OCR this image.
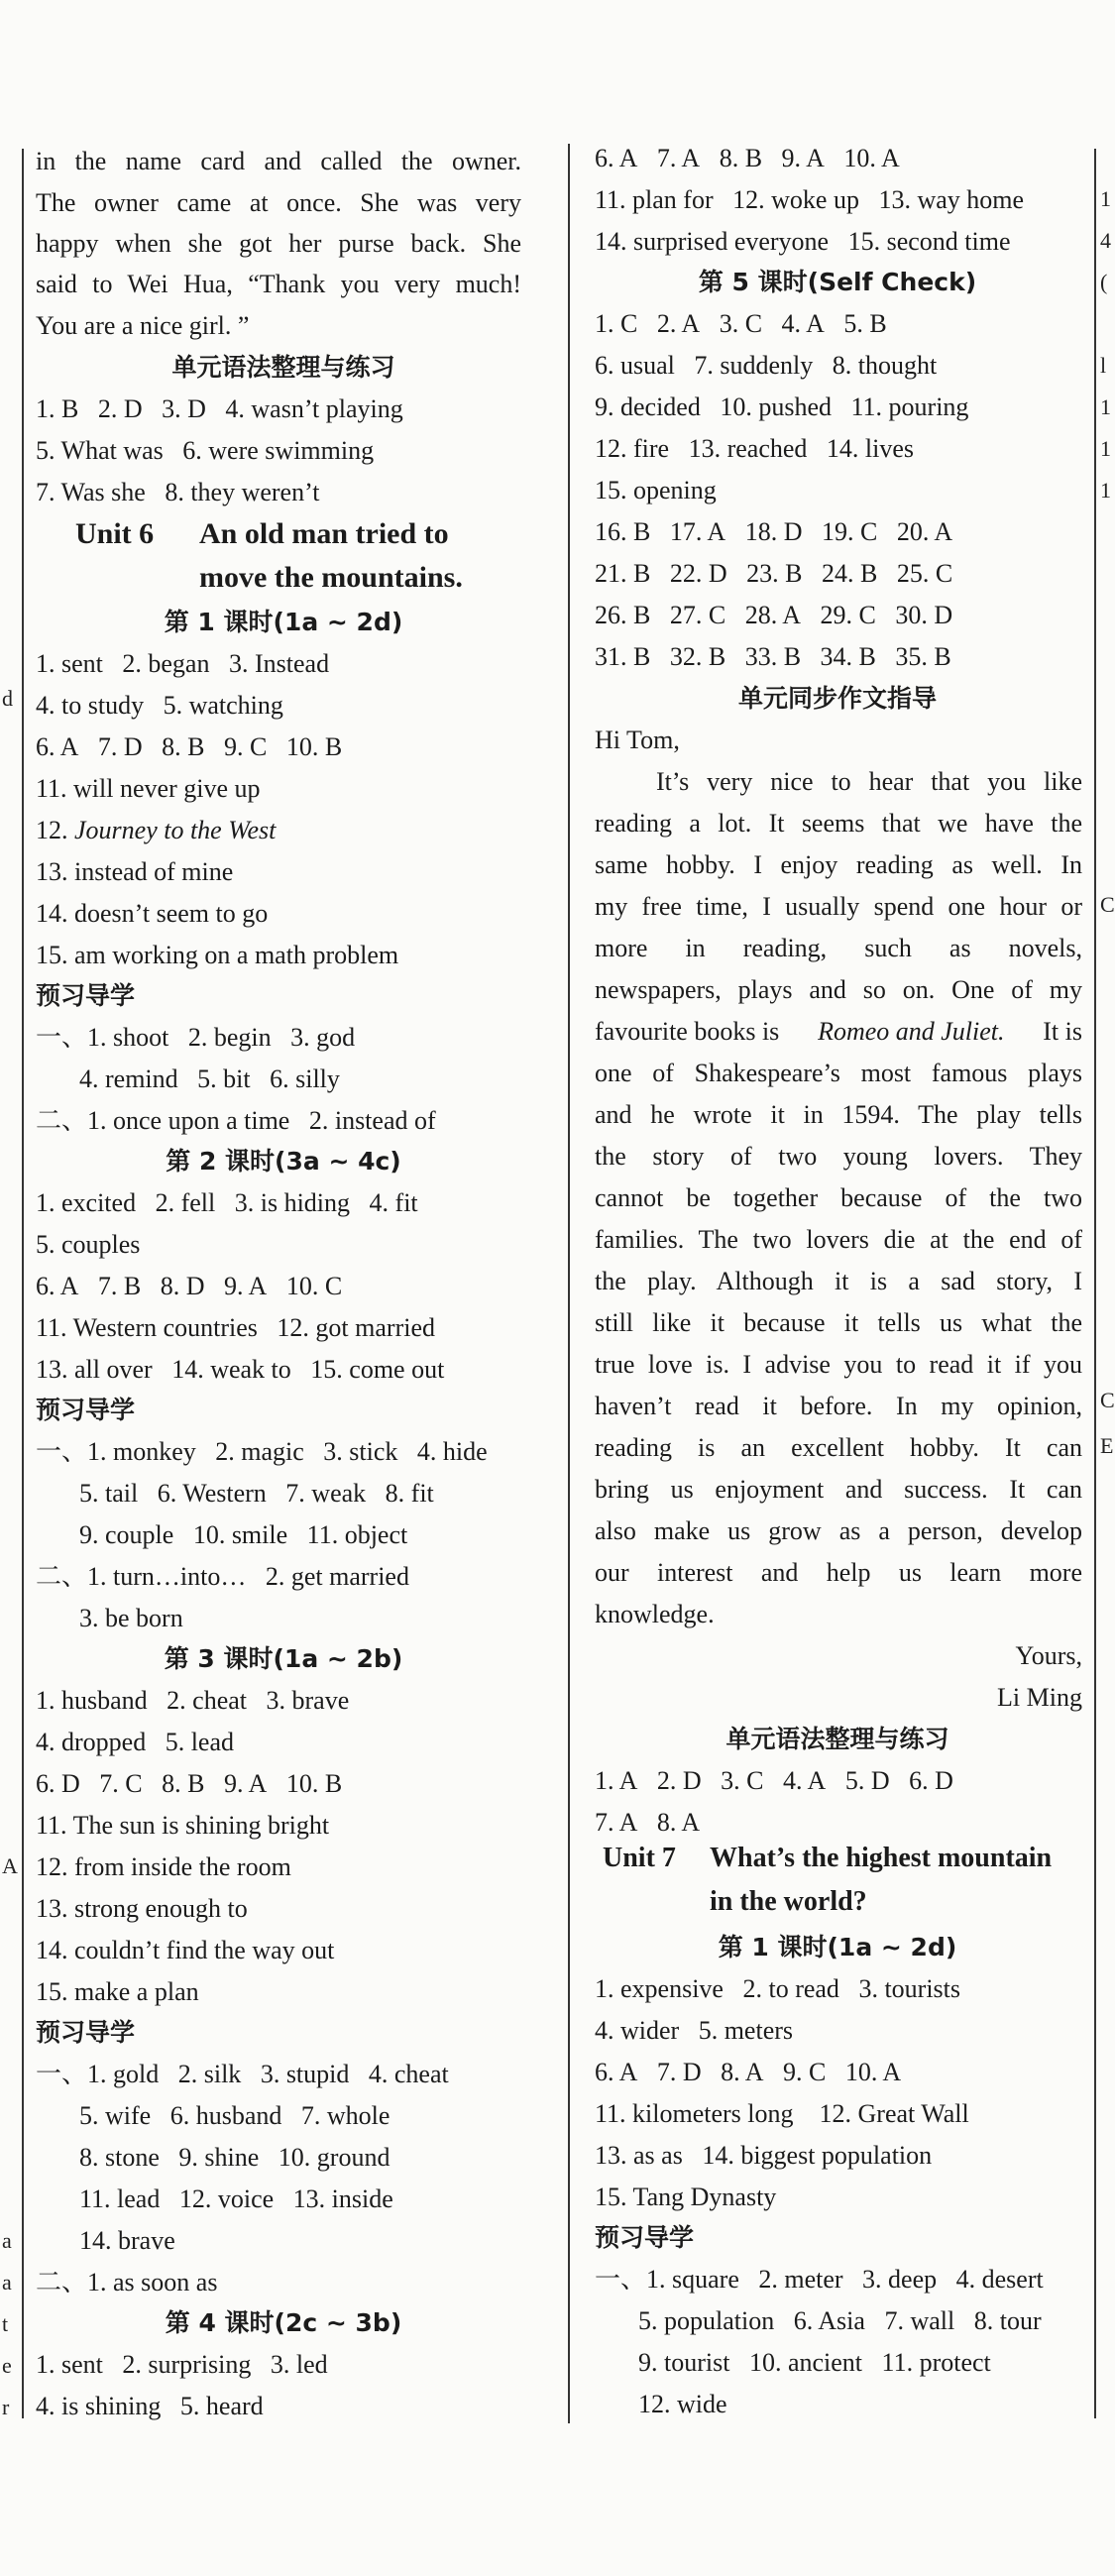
in the name card and called the owner.
The owner came at once. She was very
happy when she got her purse back. She
said to Wei Hua, “Thank you very much!
You are a nice girl. ”
单元语法整理与练习
1. B 2. D 3. D 4. wasn’t playing
5. What was 6. were swimming
7. Was she 8. they weren’t
Unit 6 An old man tried to
move the mountains.
第 1 课时(1a ~ 2d)
1. sent 2. began 3. Instead
4. to study 5. watching
6. A 7. D 8. B 9. C 10. B
11. will never give up
12. Journey to the West
13. instead of mine
14. doesn’t seem to go
15. am working on a math problem
预习导学
一、1. shoot 2. begin 3. god
4. remind 5. bit 6. silly
二、1. once upon a time 2. instead of
第 2 课时(3a ~ 4c)
1. excited 2. fell 3. is hiding 4. fit
5. couples
6. A 7. B 8. D 9. A 10. C
11. Western countries 12. got married
13. all over 14. weak to 15. come out
预习导学
一、1. monkey 2. magic 3. stick 4. hide
5. tail 6. Western 7. weak 8. fit
9. couple 10. smile 11. object
二、1. turn…into… 2. get married
3. be born
第 3 课时(1a ~ 2b)
1. husband 2. cheat 3. brave
4. dropped 5. lead
6. D 7. C 8. B 9. A 10. B
11. The sun is shining bright
12. from inside the room
13. strong enough to
14. couldn’t find the way out
15. make a plan
预习导学
一、1. gold 2. silk 3. stupid 4. cheat
5. wife 6. husband 7. whole
8. stone 9. shine 10. ground
11. lead 12. voice 13. inside
14. brave
二、1. as soon as
第 4 课时(2c ~ 3b)
1. sent 2. surprising 3. led
4. is shining 5. heard
6. A 7. A 8. B 9. A 10. A
11. plan for 12. woke up 13. way home
14. surprised everyone 15. second time
第 5 课时(Self Check)
1. C 2. A 3. C 4. A 5. B
6. usual 7. suddenly 8. thought
9. decided 10. pushed 11. pouring
12. fire 13. reached 14. lives
15. opening
16. B 17. A 18. D 19. C 20. A
21. B 22. D 23. B 24. B 25. C
26. B 27. C 28. A 29. C 30. D
31. B 32. B 33. B 34. B 35. B
单元同步作文指导
Hi Tom,
It’s very nice to hear that you like
reading a lot. It seems that we have the
same hobby. I enjoy reading as well. In
my free time, I usually spend one hour or
more in reading, such as novels,
newspapers, plays and so on. One of my
favourite books is Romeo and Juliet. It is
one of Shakespeare’s most famous plays
and he wrote it in 1594. The play tells
the story of two young lovers. They
cannot be together because of the two
families. The two lovers die at the end of
the play. Although it is a sad story, I
still like it because it tells us what the
true love is. I advise you to read it if you
haven’t read it before. In my opinion,
reading is an excellent hobby. It can
bring us enjoyment and success. It can
also make us grow as a person, develop
our interest and help us learn more
knowledge.
Yours,
Li Ming
单元语法整理与练习
1. A 2. D 3. C 4. A 5. D 6. D
7. A 8. A
Unit 7 What’s the highest mountain
in the world?
第 1 课时(1a ~ 2d)
1. expensive 2. to read 3. tourists
4. wider 5. meters
6. A 7. D 8. A 9. C 10. A
11. kilometers long 12. Great Wall
13. as as 14. biggest population
15. Tang Dynasty
预习导学
一、1. square 2. meter 3. deep 4. desert
5. population 6. Asia 7. wall 8. tour
9. tourist 10. ancient 11. protect
12. wide
d
A
a
a
t
e
r
1
4
(
l
1
1
1
C
C
E
